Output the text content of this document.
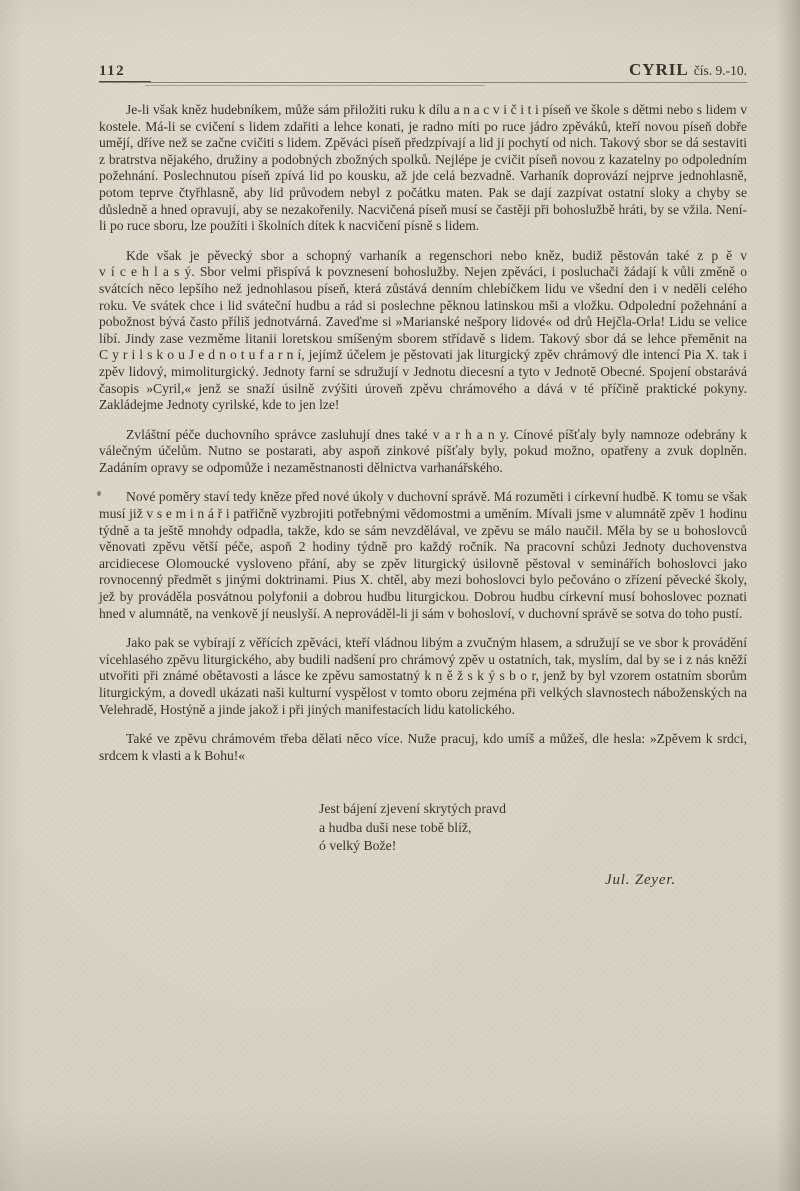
112	CYRIL čís. 9.-10.

Je-li však kněz hudebníkem, může sám přiložiti ruku k dílu a n a c v i č i t i píseň ve škole s dětmi nebo s lidem v kostele. Má-li se cvičení s lidem zdařiti a lehce konati, je radno míti po ruce jádro zpěváků, kteří novou píseň dobře umějí, dříve než se začne cvičiti s lidem. Zpěváci píseň předzpívají a lid ji pochytí od nich. Takový sbor se dá sestaviti z bratrstva nějakého, družiny a podobných zbožných spolků. Nejlépe je cvičit píseň novou z kazatelny po odpoledním požehnání. Poslechnutou píseň zpívá lid po kousku, až jde celá bezvadně. Varhaník doprovází nejprve jednohlasně, potom teprve čtyřhlasně, aby lid průvodem nebyl z počátku maten. Pak se dají zazpívat ostatní sloky a chyby se důsledně a hned opravují, aby se nezakořenily. Nacvičená píseň musí se častěji při bohoslužbě hráti, by se vžila. Není-li po ruce sboru, lze použíti i školních dítek k nacvičení písně s lidem.

Kde však je pěvecký sbor a schopný varhaník a regenschori nebo kněz, budiž pěstován také z p ě v v í c e h l a s ý. Sbor velmi přispívá k povznesení bohoslužby. Nejen zpěváci, i posluchači žádají k vůli změně o svátcích něco lepšího než jednohlasou píseň, která zůstává denním chlebíčkem lidu ve všední den i v neděli celého roku. Ve svátek chce i lid sváteční hudbu a rád si poslechne pěknou latinskou mši a vložku. Odpolední požehnání a pobožnost bývá často příliš jednotvárná. Zaveďme si »Marianské nešpory lidové« od drů Hejčla-Orla! Lidu se velice líbí. Jindy zase vezměme litanii loretskou smíšeným sborem střídavě s lidem. Takový sbor dá se lehce přeměnit na C y r i l s k o u J e d n o t u f a r n í, jejímž účelem je pěstovati jak liturgický zpěv chrámový dle intencí Pia X. tak i zpěv lidový, mimoliturgický. Jednoty farní se sdružují v Jednotu diecesní a tyto v Jednotě Obecné. Spojení obstarává časopis »Cyril,« jenž se snaží úsilně zvýšiti úroveň zpěvu chrámového a dává v té příčině praktické pokyny. Zakládejme Jednoty cyrilské, kde to jen lze!

Zvláštní péče duchovního správce zasluhují dnes také v a r h a n y. Cínové píšťaly byly namnoze odebrány k válečným účelům. Nutno se postarati, aby aspoň zinkové píšťaly byly, pokud možno, opatřeny a zvuk doplněn. Zadáním opravy se odpomůže i nezaměstnanosti dělnictva varhanářského.

Nové poměry staví tedy kněze před nové úkoly v duchovní správě. Má rozuměti i církevní hudbě. K tomu se však musí již v s e m i n á ř i patřičně vyzbrojiti potřebnými vědomostmi a uměním. Mívali jsme v alumnátě zpěv 1 hodinu týdně a ta ještě mnohdy odpadla, takže, kdo se sám nevzdělával, ve zpěvu se málo naučil. Měla by se u bohoslovců věnovati zpěvu větší péče, aspoň 2 hodiny týdně pro každý ročník. Na pracovní schůzi Jednoty duchovenstva arcidiecese Olomoucké vysloveno přání, aby se zpěv liturgický úsilovně pěstoval v seminářích bohoslovci jako rovnocenný předmět s jinými doktrinami. Pius X. chtěl, aby mezi bohoslovci bylo pečováno o zřízení pěvecké školy, jež by prováděla posvátnou polyfonii a dobrou hudbu liturgickou. Dobrou hudbu církevní musí bohoslovec poznati hned v alumnátě, na venkově jí neuslyší. A neprováděl-li ji sám v bohosloví, v duchovní správě se sotva do toho pustí.

Jako pak se vybírají z věřících zpěváci, kteří vládnou libým a zvučným hlasem, a sdružují se ve sbor k provádění vícehlasého zpěvu liturgického, aby budili nadšení pro chrámový zpěv u ostatních, tak, myslím, dal by se i z nás kněží utvořiti při známé obětavosti a lásce ke zpěvu samostatný k n ě ž s k ý s b o r, jenž by byl vzorem ostatním sborům liturgickým, a dovedl ukázati naši kulturní vyspělost v tomto oboru zejména při velkých slavnostech náboženských na Velehradě, Hostýně a jinde jakož i při jiných manifestacích lidu katolického.

Také ve zpěvu chrámovém třeba dělati něco více. Nuže pracuj, kdo umíš a můžeš, dle hesla: »Zpěvem k srdci, srdcem k vlasti a k Bohu!«

Jest bájení zjevení skrytých pravd
a hudba duši nese tobě blíž,
ó velký Bože!
Jul. Zeyer.
